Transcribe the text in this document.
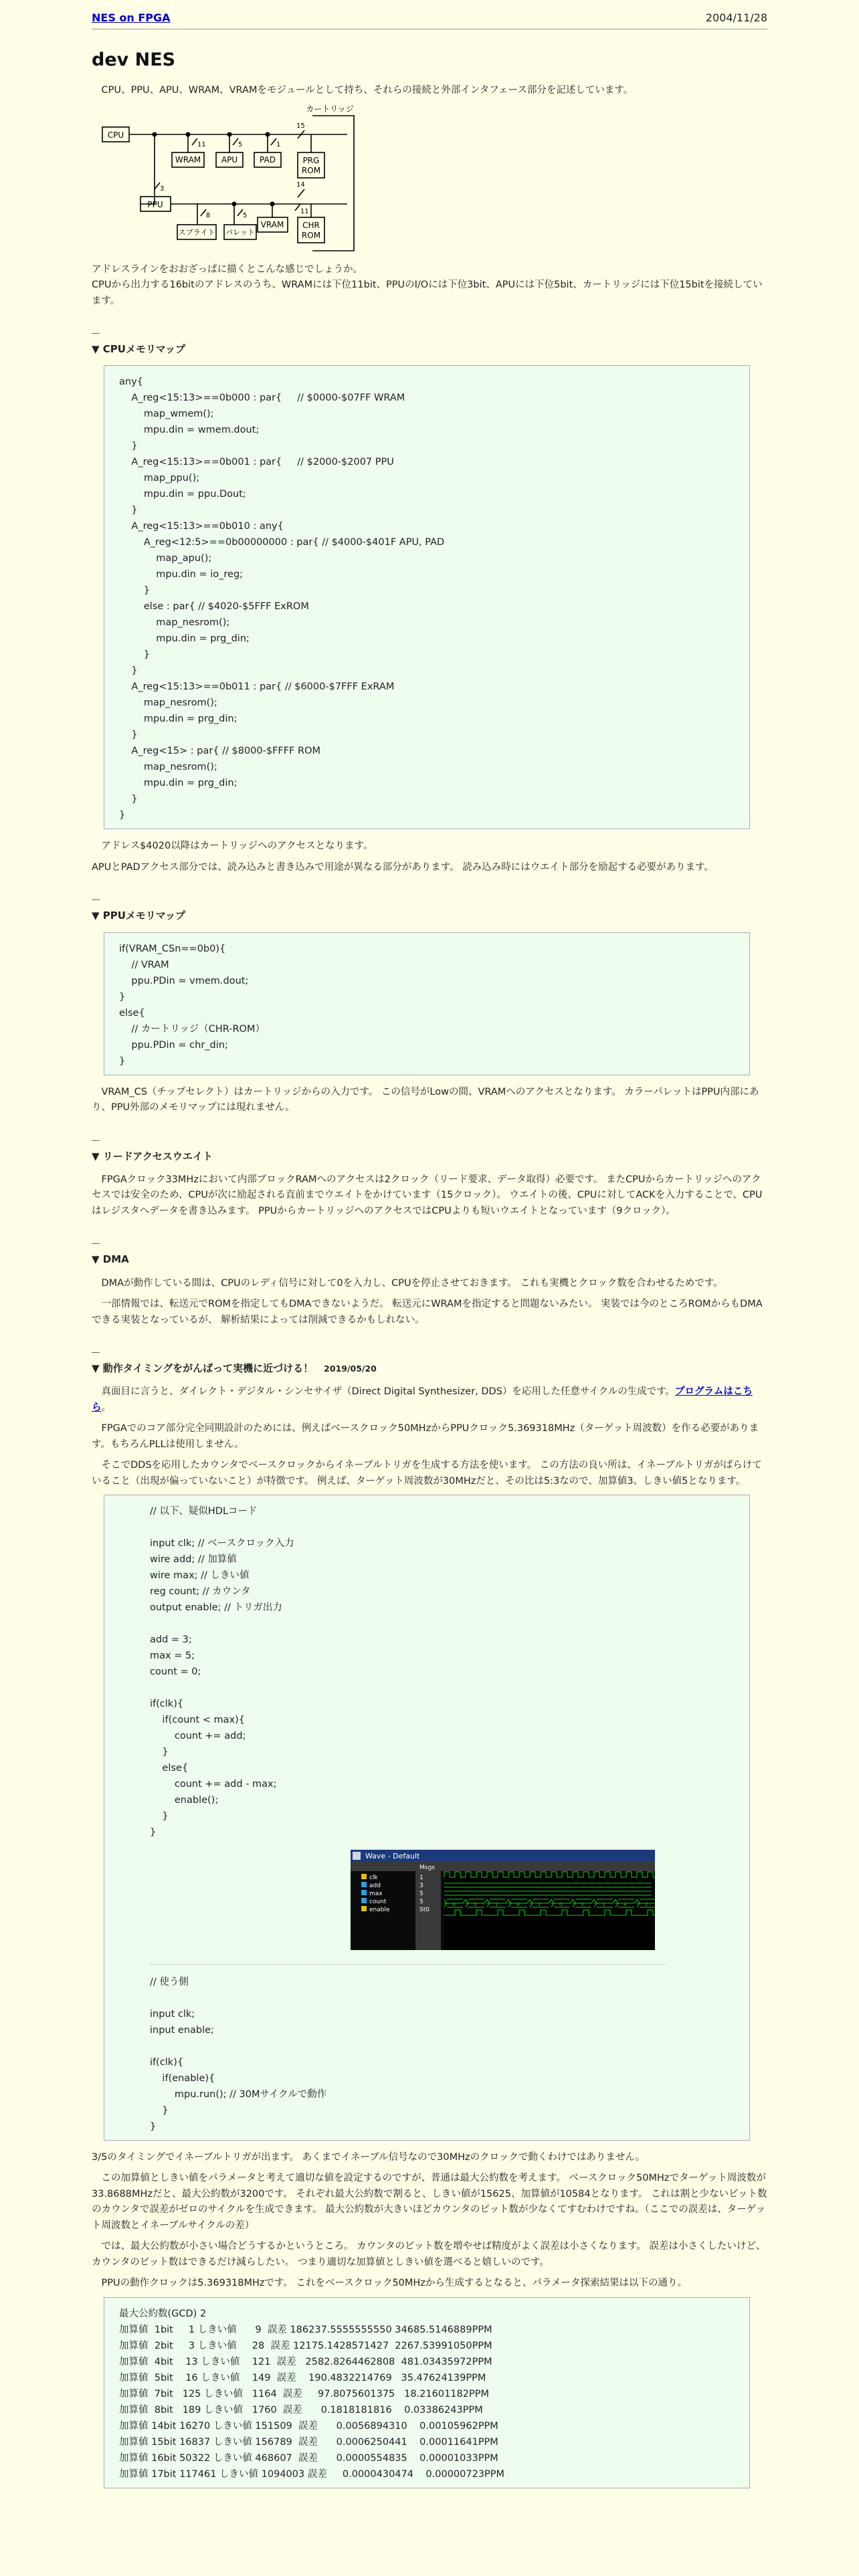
NES on FPGA	2004/11/28
dev NES

CPU、PPU、APU、WRAM、VRAMをモジュールとして持ち、それらの接続と外部インタフェース部分を記述しています。

カートリッジ
CPU
WRAM	APU	PAD	PRG
ROM
PPU
スプライト パレット
VRAM CHR
ROM
15
11	5	1
3
8	5
14
11
アドレスラインをおおざっぱに描くとこんな感じでしょうか。
CPUから出力する16bitのアドレスのうち、WRAMには下位11bit、PPUのI/Oには下位3bit、APUには下位5bit、カートリッジには下位15bitを接続しています。
―
▼ CPUメモリマップ
any{
A_reg<15:13>==0b000 : par{     // $0000-$07FF WRAM
map_wmem();
mpu.din = wmem.dout;
}
A_reg<15:13>==0b001 : par{     // $2000-$2007 PPU
map_ppu();
mpu.din = ppu.Dout;
}
A_reg<15:13>==0b010 : any{
A_reg<12:5>==0b00000000 : par{ // $4000-$401F APU, PAD
map_apu();
mpu.din = io_reg;
}
else : par{ // $4020-$5FFF ExROM
map_nesrom();
mpu.din = prg_din;
}
}
A_reg<15:13>==0b011 : par{ // $6000-$7FFF ExRAM
map_nesrom();
mpu.din = prg_din;
}
A_reg<15> : par{ // $8000-$FFFF ROM
map_nesrom();
mpu.din = prg_din;
}
}

アドレス$4020以降はカートリッジへのアクセスとなります。

APUとPADアクセス部分では、読み込みと書き込みで用途が異なる部分があります。 読み込み時にはウエイト部分を励起する必要があります。

―
▼ PPUメモリマップ
if(VRAM_CSn==0b0){
// VRAM
ppu.PDin = vmem.dout;
}
else{
// カートリッジ（CHR-ROM）
ppu.PDin = chr_din;
}

VRAM_CS（チップセレクト）はカートリッジからの入力です。 この信号がLowの間、VRAMへのアクセスとなります。 カラーパレットはPPU内部にあり、PPU外部のメモリマップには現れません。

―
▼ リードアクセスウエイト

FPGAクロック33MHzにおいて内部ブロックRAMへのアクセスは2クロック（リード要求、データ取得）必要です。 またCPUからカートリッジへのアクセスでは安全のため、CPUが次に励起される直前までウエイトをかけています（15クロック）。 ウエイトの後、CPUに対してACKを入力することで、CPUはレジスタへデータを書き込みます。 PPUからカートリッジへのアクセスではCPUよりも短いウエイトとなっています（9クロック）。

―
▼ DMA

DMAが動作している間は、CPUのレディ信号に対して0を入力し、CPUを停止させておきます。 これも実機とクロック数を合わせるためです。

一部情報では、転送元でROMを指定してもDMAできないようだ。 転送元にWRAMを指定すると問題ないみたい。 実装では今のところROMからもDMAできる実装となっているが、 解析結果によっては削減できるかもしれない。

―
▼ 動作タイミングをがんばって実機に近づける！ 2019/05/20

真面目に言うと、ダイレクト・デジタル・シンセサイザ（Direct Digital Synthesizer, DDS）を応用した任意サイクルの生成です。プログラムはこちら。

FPGAでのコア部分完全同期設計のためには、例えばベースクロック50MHzからPPUクロック5.369318MHz（ターゲット周波数）を作る必要があります。もちろんPLLは使用しません。

そこでDDSを応用したカウンタでベースクロックからイネーブルトリガを生成する方法を使います。 この方法の良い所は、イネーブルトリガがばらけていること（出現が偏っていないこと）が特徴です。 例えば、ターゲット周波数が30MHzだと、その比は5:3なので、加算値3、しきい値5となります。

// 以下、疑似HDLコード

input clk; // ベースクロック入力
wire add; // 加算値
wire max; // しきい値
reg count; // カウンタ
output enable; // トリガ出力

add = 3;
max = 5;
count = 0;

if(clk){
if(count < max){
count += add;
}
else{
count += add - max;
enable();
}
}
Wave - Default
Msgs
clk	1
add	3
max	5
count	5
enable	St0
0	3	1	4	2	0	3	1	4	2
// 使う側

input clk;
input enable;

if(clk){
if(enable){
mpu.run(); // 30Mサイクルで動作
}
}

3/5のタイミングでイネーブルトリガが出ます。 あくまでイネーブル信号なので30MHzのクロックで動くわけではありません。

この加算値としきい値をパラメータと考えて適切な値を設定するのですが、普通は最大公約数を考えます。 ベースクロック50MHzでターゲット周波数が33.8688MHzだと、最大公約数が3200です。 それぞれ最大公約数で割ると、しきい値が15625、加算値が10584となります。 これは割と少ないビット数のカウンタで誤差がゼロのサイクルを生成できます。 最大公約数が大きいほどカウンタのビット数が少なくてすむわけですね。（ここでの誤差は、ターゲット周波数とイネーブルサイクルの差）

では、最大公約数が小さい場合どうするかというところ。 カウンタのビット数を増やせば精度がよく誤差は小さくなります。 誤差は小さくしたいけど、カウンタのビット数はできるだけ減らしたい。 つまり適切な加算値としきい値を選べると嬉しいのです。

PPUの動作クロックは5.369318MHzです。 これをベースクロック50MHzから生成するとなると、パラメータ探索結果は以下の通り。

最大公約数(GCD) 2
加算値  1bit     1 しきい値      9  誤差 186237.5555555550 34685.5146889PPM
加算値  2bit     3 しきい値     28  誤差 12175.1428571427  2267.53991050PPM
加算値  4bit    13 しきい値    121  誤差   2582.8264462808  481.03435972PPM
加算値  5bit    16 しきい値    149  誤差    190.4832214769   35.47624139PPM
加算値  7bit   125 しきい値   1164  誤差     97.8075601375   18.21601182PPM
加算値  8bit   189 しきい値   1760  誤差      0.1818181816    0.03386243PPM
加算値 14bit 16270 しきい値 151509  誤差      0.0056894310    0.00105962PPM
加算値 15bit 16837 しきい値 156789  誤差      0.0006250441    0.00011641PPM
加算値 16bit 50322 しきい値 468607  誤差      0.0000554835    0.00001033PPM
加算値 17bit 117461 しきい値 1094003 誤差     0.0000430474    0.00000723PPM
